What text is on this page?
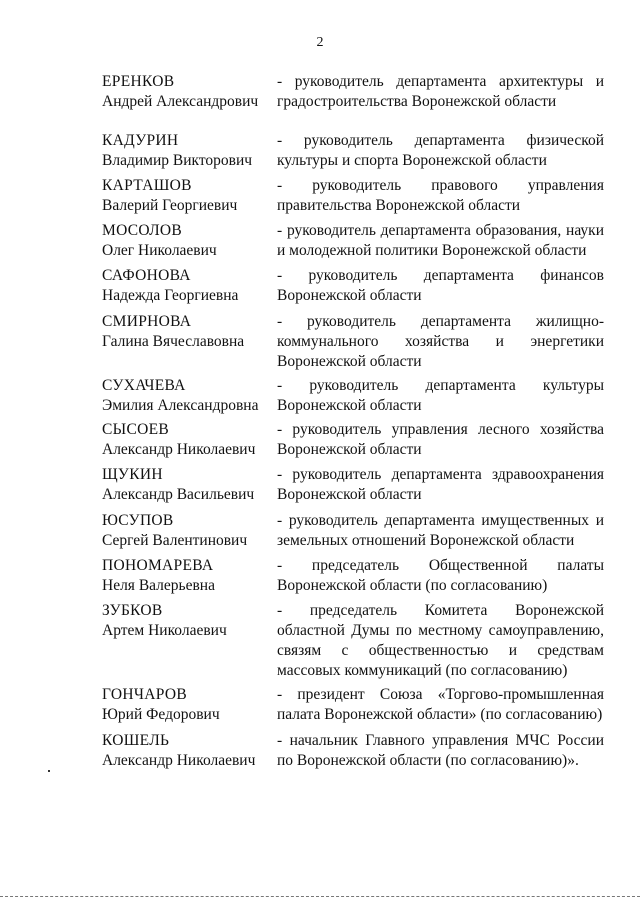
2
ЕРЕНКОВ
Андрей Александрович
- руководитель департамента архитектуры и градостроительства Воронежской области
КАДУРИН
Владимир Викторович
- руководитель департамента физической культуры и спорта Воронежской области
КАРТАШОВ
Валерий Георгиевич
- руководитель правового управления правительства Воронежской области
МОСОЛОВ
Олег Николаевич
- руководитель департамента образования, науки и молодежной политики Воронежской области
САФОНОВА
Надежда Георгиевна
- руководитель департамента финансов Воронежской области
СМИРНОВА
Галина Вячеславовна
- руководитель департамента жилищно-коммунального хозяйства и энергетики Воронежской области
СУХАЧЕВА
Эмилия Александровна
- руководитель департамента культуры Воронежской области
СЫСОЕВ
Александр Николаевич
- руководитель управления лесного хозяйства Воронежской области
ЩУКИН
Александр Васильевич
- руководитель департамента здравоохранения Воронежской области
ЮСУПОВ
Сергей Валентинович
- руководитель департамента имущественных и земельных отношений Воронежской области
ПОНОМАРЕВА
Неля Валерьевна
- председатель Общественной палаты Воронежской области (по согласованию)
ЗУБКОВ
Артем Николаевич
- председатель Комитета Воронежской областной Думы по местному самоуправлению, связям с общественностью и средствам массовых коммуникаций (по согласованию)
ГОНЧАРОВ
Юрий Федорович
- президент Союза «Торгово-промышленная палата Воронежской области» (по согласованию)
КОШЕЛЬ
Александр Николаевич
- начальник Главного управления МЧС России по Воронежской области (по согласованию)».
